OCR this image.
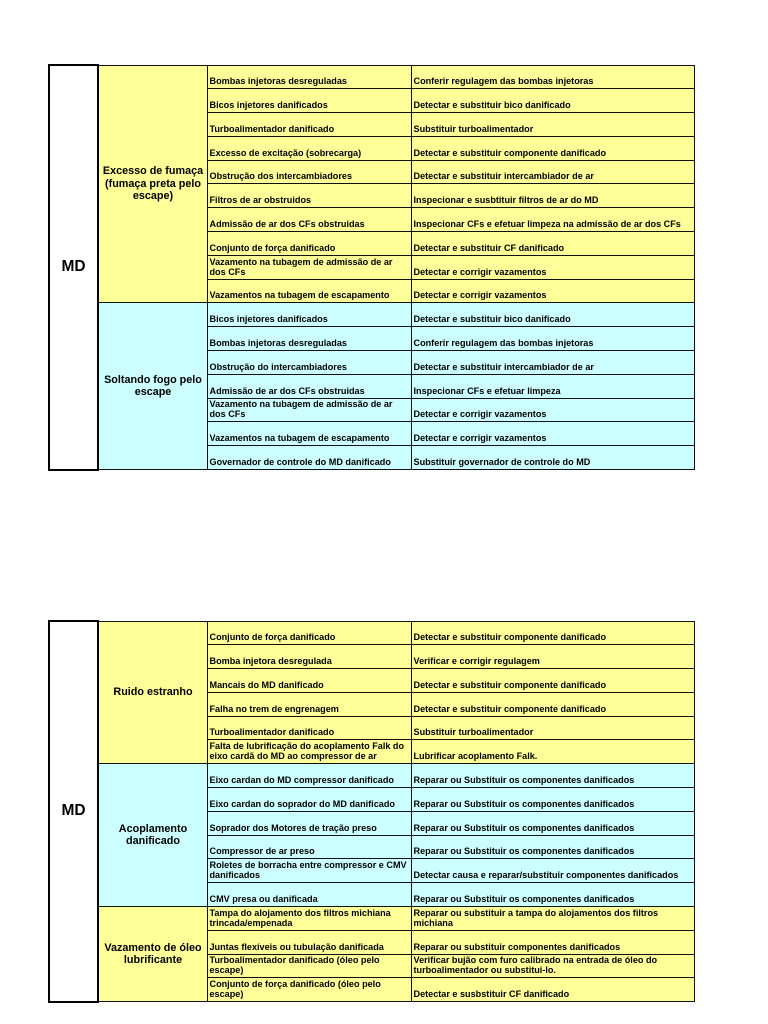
MD	Excesso de fumaça (fumaça preta pelo escape)	Bombas injetoras desreguladas	Conferir regulagem das bombas injetoras
		Bicos injetores danificados	Detectar e substituir bico danificado
		Turboalimentador danificado	Substituir turboalimentador
		Excesso de excitação (sobrecarga)	Detectar e substituir componente danificado
		Obstrução dos intercambiadores	Detectar e substituir intercambiador de ar
		Filtros de ar obstruidos	Inspecionar e susbtituir filtros de ar do MD
		Admissão de ar dos CFs obstruidas	Inspecionar CFs e efetuar limpeza na admissão de ar dos CFs
		Conjunto de força danificado	Detectar e substituir CF danificado
		Vazamento na tubagem de admissão de ar dos CFs	Detectar e corrigir vazamentos
		Vazamentos na tubagem de escapamento	Detectar e corrigir vazamentos
	Soltando fogo pelo escape	Bicos injetores danificados	Detectar e substituir bico danificado
		Bombas injetoras desreguladas	Conferir regulagem das bombas injetoras
		Obstrução do intercambiadores	Detectar e substituir intercambiador de ar
		Admissão de ar dos CFs obstruidas	Inspecionar CFs e efetuar limpeza
		Vazamento na tubagem de admissão de ar dos CFs	Detectar e corrigir vazamentos
		Vazamentos na tubagem de escapamento	Detectar e corrigir vazamentos
		Governador de controle do MD danificado	Substituir governador de controle do MD
MD	Ruido estranho	Conjunto de força danificado	Detectar e substituir componente danificado
		Bomba injetora desregulada	Verificar e corrigir regulagem
		Mancais do MD danificado	Detectar e substituir componente danificado
		Falha no trem de engrenagem	Detectar e substituir componente danificado
		Turboalimentador danificado	Substituir turboalimentador
		Falta de lubrificação do acoplamento Falk do eixo cardã do MD ao compressor de ar	Lubrificar acoplamento Falk.
	Acoplamento danificado	Eixo cardan do MD compressor danificado	Reparar ou Substituir os componentes danificados
		Eixo cardan do soprador do MD danificado	Reparar ou Substituir os componentes danificados
		Soprador dos Motores de tração preso	Reparar ou Substituir os componentes danificados
		Compressor de ar preso	Reparar ou Substituir os componentes danificados
		Roletes de borracha entre compressor e CMV danificados	Detectar causa e reparar/substituir componentes danificados
		CMV presa ou danificada	Reparar ou Substituir os componentes danificados
	Vazamento de óleo lubrificante	Tampa do alojamento dos filtros michiana trincada/empenada	Reparar ou substituir a tampa do alojamentos dos filtros michiana
		Juntas flexíveis ou tubulação danificada	Reparar ou substituir componentes danificados
		Turboalimentador danificado (óleo pelo escape)	Verificar bujão com furo calibrado na entrada de óleo do turboalimentador ou substitui-lo.
		Conjunto de força danificado (óleo pelo escape)	Detectar e susbstituir CF danificado
